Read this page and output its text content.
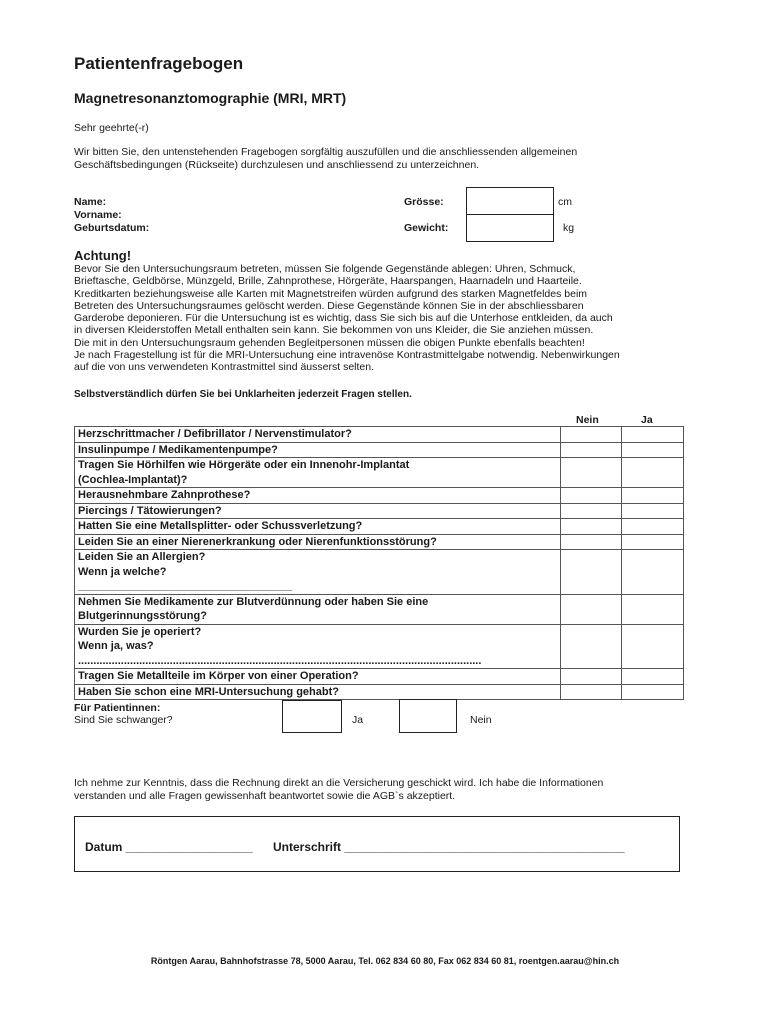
Patientenfragebogen
Magnetresonanztomographie (MRI, MRT)
Sehr geehrte(-r)
Wir bitten Sie, den untenstehenden Fragebogen sorgfältig auszufüllen und die anschliessenden allgemeinen
Geschäftsbedingungen (Rückseite) durchzulesen und anschliessend zu unterzeichnen.
Name:
Vorname:
Geburtsdatum:
Grösse:	cm
Gewicht:	kg
Achtung!
Bevor Sie den Untersuchungsraum betreten, müssen Sie folgende Gegenstände ablegen: Uhren, Schmuck,
Brieftasche, Geldbörse, Münzgeld, Brille, Zahnprothese, Hörgeräte, Haarspangen, Haarnadeln und Haarteile.
Kreditkarten beziehungsweise alle Karten mit Magnetstreifen würden aufgrund des starken Magnetfeldes beim
Betreten des Untersuchungsraumes gelöscht werden. Diese Gegenstände können Sie in der abschliessbaren
Garderobe deponieren. Für die Untersuchung ist es wichtig, dass Sie sich bis auf die Unterhose entkleiden, da auch
in diversen Kleiderstoffen Metall enthalten sein kann. Sie bekommen von uns Kleider, die Sie anziehen müssen.
Die mit in den Untersuchungsraum gehenden Begleitpersonen müssen die obigen Punkte ebenfalls beachten!
Je nach Fragestellung ist für die MRI-Untersuchung eine intravenöse Kontrastmittelgabe notwendig. Nebenwirkungen
auf die von uns verwendeten Kontrastmittel sind äusserst selten.
Selbstverständlich dürfen Sie bei Unklarheiten jederzeit Fragen stellen.
Nein	Ja
Herzschrittmacher / Defibrillator / Nervenstimulator?		

Insulinpumpe / Medikamentenpumpe?		

Tragen Sie Hörhilfen wie Hörgeräte oder ein Innenohr-Implantat
(Cochlea-Implantat)?		

Herausnehmbare Zahnprothese?		

Piercings / Tätowierungen?		

Hatten Sie eine Metallsplitter- oder Schussverletzung?		

Leiden Sie an einer Nierenerkrankung oder Nierenfunktionsstörung?		

Leiden Sie an Allergien?
Wenn ja welche?
___________________________________		

Nehmen Sie Medikamente zur Blutverdünnung oder haben Sie eine
Blutgerinnungsstörung?		

Wurden Sie je operiert?
Wenn ja, was?
....................................................................................................................................		

Tragen Sie Metallteile im Körper von einer Operation?		

Haben Sie schon eine MRI-Untersuchung gehabt?		

Für Patientinnen:
Sind Sie schwanger?	Ja	Nein
Ich nehme zur Kenntnis, dass die Rechnung direkt an die Versicherung geschickt wird. Ich habe die Informationen
verstanden und alle Fragen gewissenhaft beantwortet sowie die AGB`s akzeptiert.
Datum ___________________ Unterschrift __________________________________________
Röntgen Aarau, Bahnhofstrasse 78, 5000 Aarau, Tel. 062 834 60 80, Fax 062 834 60 81, roentgen.aarau@hin.ch
